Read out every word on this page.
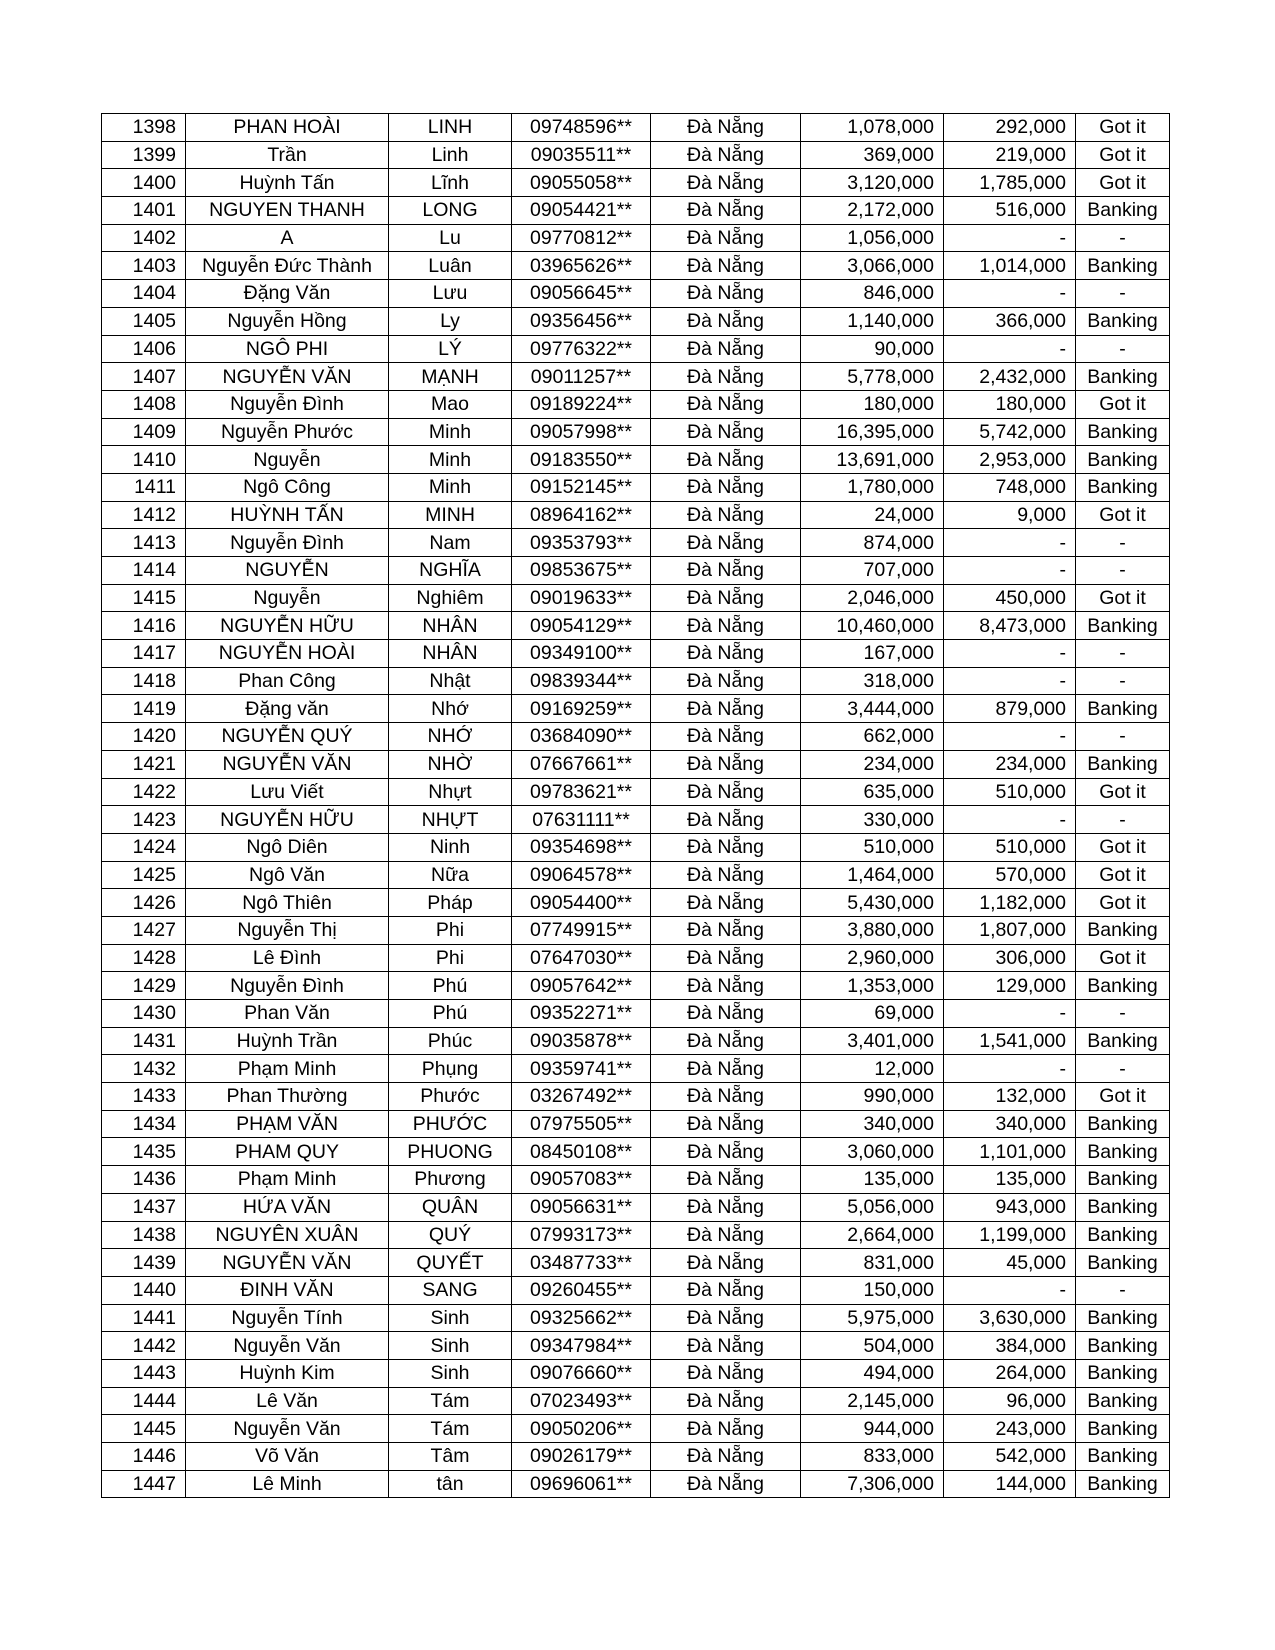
1398	PHAN HOÀI	LINH	09748596**	Đà Nẵng	1,078,000	292,000	Got it
1399	Trần	Linh	09035511**	Đà Nẵng	369,000	219,000	Got it
1400	Huỳnh Tấn	Lĩnh	09055058**	Đà Nẵng	3,120,000	1,785,000	Got it
1401	NGUYEN THANH	LONG	09054421**	Đà Nẵng	2,172,000	516,000	Banking
1402	A	Lu	09770812**	Đà Nẵng	1,056,000	-	-
1403	Nguyễn Đức Thành	Luân	03965626**	Đà Nẵng	3,066,000	1,014,000	Banking
1404	Đặng Văn	Lưu	09056645**	Đà Nẵng	846,000	-	-
1405	Nguyễn Hồng	Ly	09356456**	Đà Nẵng	1,140,000	366,000	Banking
1406	NGÔ PHI	LÝ	09776322**	Đà Nẵng	90,000	-	-
1407	NGUYỄN VĂN	MẠNH	09011257**	Đà Nẵng	5,778,000	2,432,000	Banking
1408	Nguyễn Đình	Mao	09189224**	Đà Nẵng	180,000	180,000	Got it
1409	Nguyễn Phước	Minh	09057998**	Đà Nẵng	16,395,000	5,742,000	Banking
1410	Nguyễn	Minh	09183550**	Đà Nẵng	13,691,000	2,953,000	Banking
1411	Ngô Công	Minh	09152145**	Đà Nẵng	1,780,000	748,000	Banking
1412	HUỲNH TẤN	MINH	08964162**	Đà Nẵng	24,000	9,000	Got it
1413	Nguyễn Đình	Nam	09353793**	Đà Nẵng	874,000	-	-
1414	NGUYỄN	NGHĨA	09853675**	Đà Nẵng	707,000	-	-
1415	Nguyễn	Nghiêm	09019633**	Đà Nẵng	2,046,000	450,000	Got it
1416	NGUYỄN HỮU	NHÂN	09054129**	Đà Nẵng	10,460,000	8,473,000	Banking
1417	NGUYỄN HOÀI	NHÂN	09349100**	Đà Nẵng	167,000	-	-
1418	Phan Công	Nhật	09839344**	Đà Nẵng	318,000	-	-
1419	Đặng văn	Nhớ	09169259**	Đà Nẵng	3,444,000	879,000	Banking
1420	NGUYỄN QUÝ	NHỚ	03684090**	Đà Nẵng	662,000	-	-
1421	NGUYỄN VĂN	NHỜ	07667661**	Đà Nẵng	234,000	234,000	Banking
1422	Lưu Viết	Nhựt	09783621**	Đà Nẵng	635,000	510,000	Got it
1423	NGUYỄN HỮU	NHỰT	07631111**	Đà Nẵng	330,000	-	-
1424	Ngô Diên	Ninh	09354698**	Đà Nẵng	510,000	510,000	Got it
1425	Ngô Văn	Nữa	09064578**	Đà Nẵng	1,464,000	570,000	Got it
1426	Ngô Thiên	Pháp	09054400**	Đà Nẵng	5,430,000	1,182,000	Got it
1427	Nguyễn Thị	Phi	07749915**	Đà Nẵng	3,880,000	1,807,000	Banking
1428	Lê Đình	Phi	07647030**	Đà Nẵng	2,960,000	306,000	Got it
1429	Nguyễn Đình	Phú	09057642**	Đà Nẵng	1,353,000	129,000	Banking
1430	Phan Văn	Phú	09352271**	Đà Nẵng	69,000	-	-
1431	Huỳnh Trần	Phúc	09035878**	Đà Nẵng	3,401,000	1,541,000	Banking
1432	Phạm Minh	Phụng	09359741**	Đà Nẵng	12,000	-	-
1433	Phan Thường	Phước	03267492**	Đà Nẵng	990,000	132,000	Got it
1434	PHẠM VĂN	PHƯỚC	07975505**	Đà Nẵng	340,000	340,000	Banking
1435	PHAM QUY	PHUONG	08450108**	Đà Nẵng	3,060,000	1,101,000	Banking
1436	Phạm Minh	Phương	09057083**	Đà Nẵng	135,000	135,000	Banking
1437	HỨA VĂN	QUÂN	09056631**	Đà Nẵng	5,056,000	943,000	Banking
1438	NGUYÊN XUÂN	QUÝ	07993173**	Đà Nẵng	2,664,000	1,199,000	Banking
1439	NGUYỄN VĂN	QUYẾT	03487733**	Đà Nẵng	831,000	45,000	Banking
1440	ĐINH VĂN	SANG	09260455**	Đà Nẵng	150,000	-	-
1441	Nguyễn Tính	Sinh	09325662**	Đà Nẵng	5,975,000	3,630,000	Banking
1442	Nguyễn Văn	Sinh	09347984**	Đà Nẵng	504,000	384,000	Banking
1443	Huỳnh Kim	Sinh	09076660**	Đà Nẵng	494,000	264,000	Banking
1444	Lê Văn	Tám	07023493**	Đà Nẵng	2,145,000	96,000	Banking
1445	Nguyễn Văn	Tám	09050206**	Đà Nẵng	944,000	243,000	Banking
1446	Võ Văn	Tâm	09026179**	Đà Nẵng	833,000	542,000	Banking
1447	Lê Minh	tân	09696061**	Đà Nẵng	7,306,000	144,000	Banking
